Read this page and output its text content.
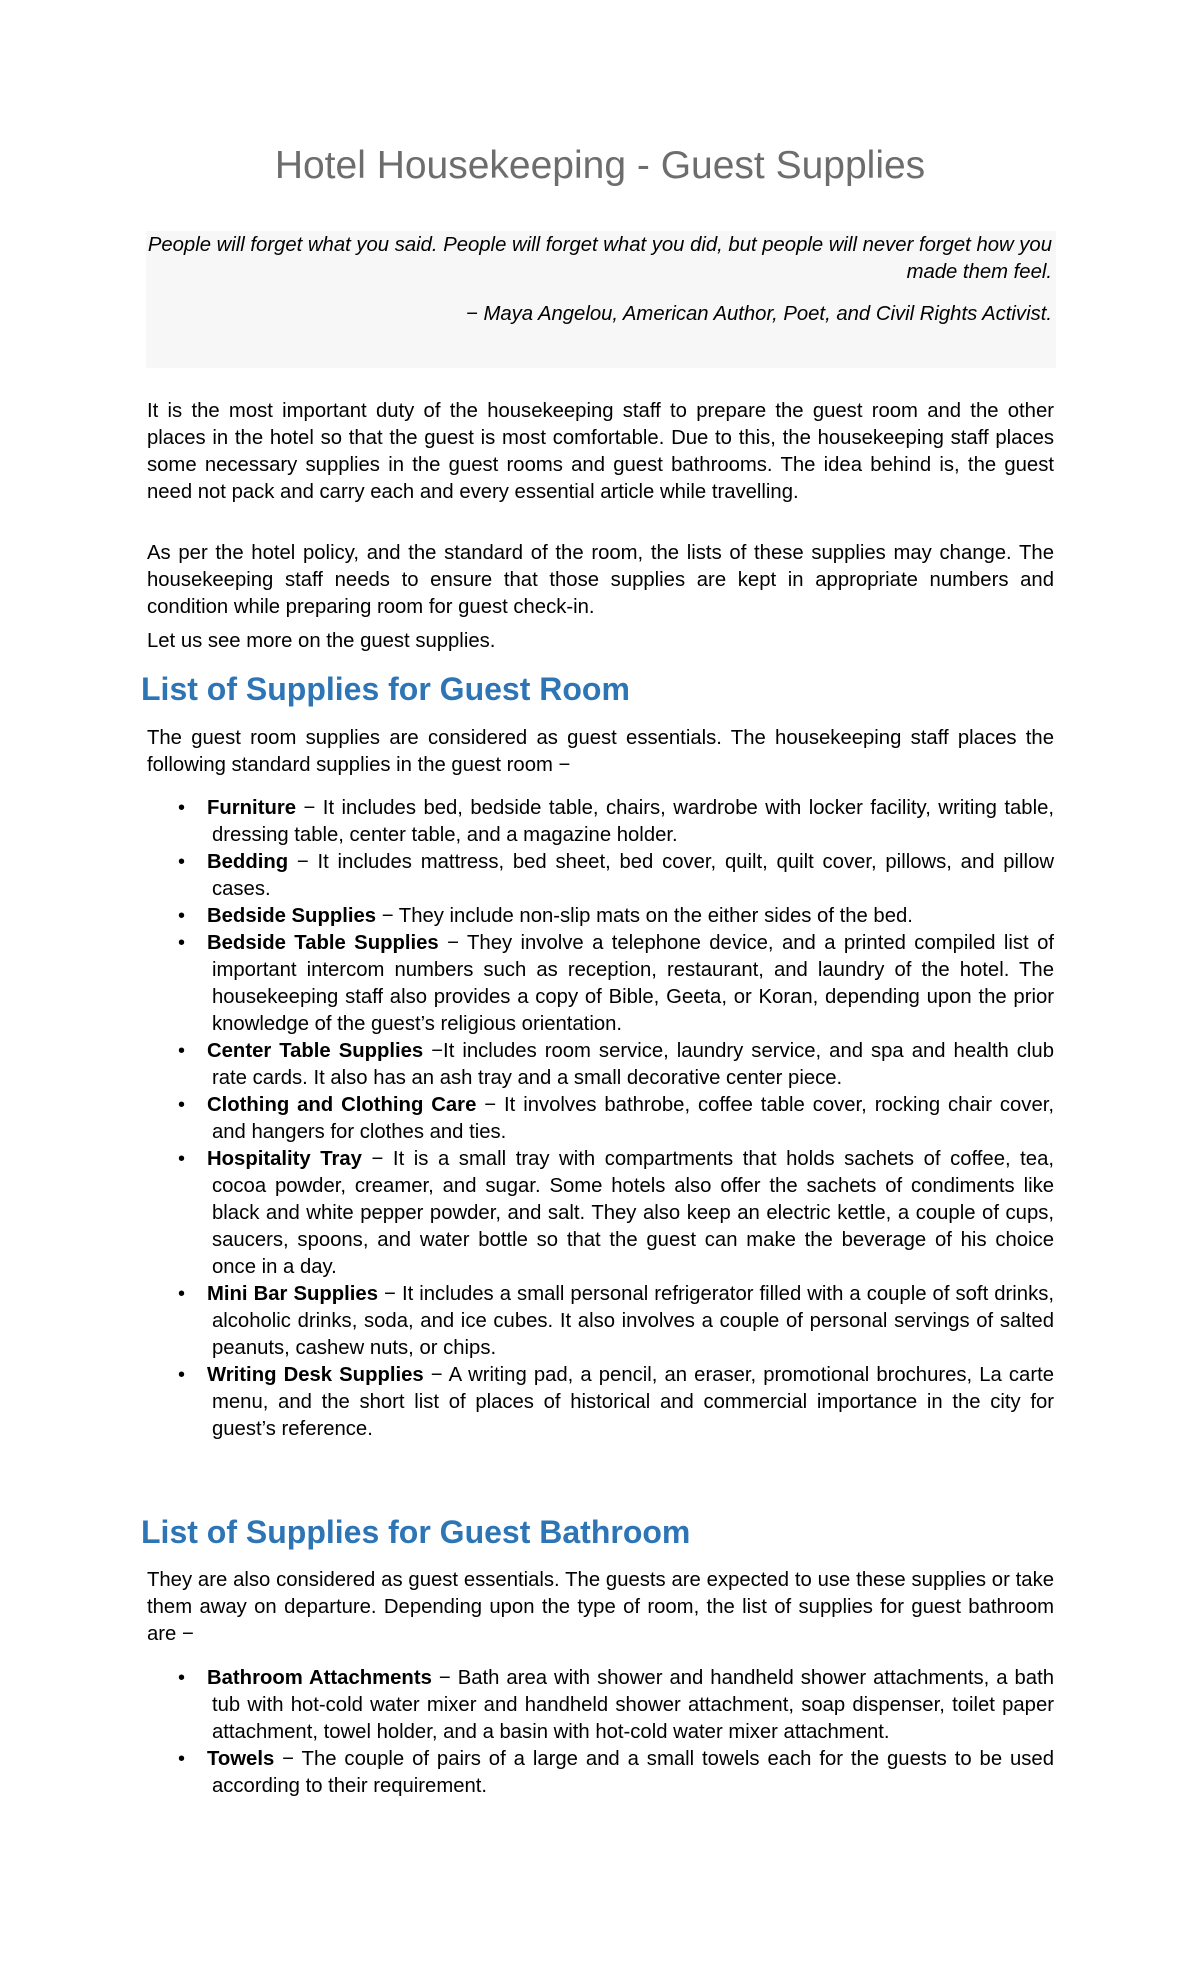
Hotel Housekeeping - Guest Supplies

People will forget what you said. People will forget what you did, but people will never forget how you made them feel.

− Maya Angelou, American Author, Poet, and Civil Rights Activist.

It is the most important duty of the housekeeping staff to prepare the guest room and the other places in the hotel so that the guest is most comfortable. Due to this, the housekeeping staff places some necessary supplies in the guest rooms and guest bathrooms. The idea behind is, the guest need not pack and carry each and every essential article while travelling.

As per the hotel policy, and the standard of the room, the lists of these supplies may change. The housekeeping staff needs to ensure that those supplies are kept in appropriate numbers and condition while preparing room for guest check-in.

Let us see more on the guest supplies.

List of Supplies for Guest Room

The guest room supplies are considered as guest essentials. The housekeeping staff places the following standard supplies in the guest room −

• Furniture − It includes bed, bedside table, chairs, wardrobe with locker facility, writing table, dressing table, center table, and a magazine holder.
• Bedding − It includes mattress, bed sheet, bed cover, quilt, quilt cover, pillows, and pillow cases.
• Bedside Supplies − They include non-slip mats on the either sides of the bed.
• Bedside Table Supplies − They involve a telephone device, and a printed compiled list of important intercom numbers such as reception, restaurant, and laundry of the hotel. The housekeeping staff also provides a copy of Bible, Geeta, or Koran, depending upon the prior knowledge of the guest’s religious orientation.
• Center Table Supplies −It includes room service, laundry service, and spa and health club rate cards. It also has an ash tray and a small decorative center piece.
• Clothing and Clothing Care − It involves bathrobe, coffee table cover, rocking chair cover, and hangers for clothes and ties.
• Hospitality Tray − It is a small tray with compartments that holds sachets of coffee, tea, cocoa powder, creamer, and sugar. Some hotels also offer the sachets of condiments like black and white pepper powder, and salt. They also keep an electric kettle, a couple of cups, saucers, spoons, and water bottle so that the guest can make the beverage of his choice once in a day.
• Mini Bar Supplies − It includes a small personal refrigerator filled with a couple of soft drinks, alcoholic drinks, soda, and ice cubes. It also involves a couple of personal servings of salted peanuts, cashew nuts, or chips.
• Writing Desk Supplies − A writing pad, a pencil, an eraser, promotional brochures, La carte menu, and the short list of places of historical and commercial importance in the city for guest’s reference.
List of Supplies for Guest Bathroom

They are also considered as guest essentials. The guests are expected to use these supplies or take them away on departure. Depending upon the type of room, the list of supplies for guest bathroom are −

• Bathroom Attachments − Bath area with shower and handheld shower attachments, a bath tub with hot-cold water mixer and handheld shower attachment, soap dispenser, toilet paper attachment, towel holder, and a basin with hot-cold water mixer attachment.
• Towels − The couple of pairs of a large and a small towels each for the guests to be used according to their requirement.
